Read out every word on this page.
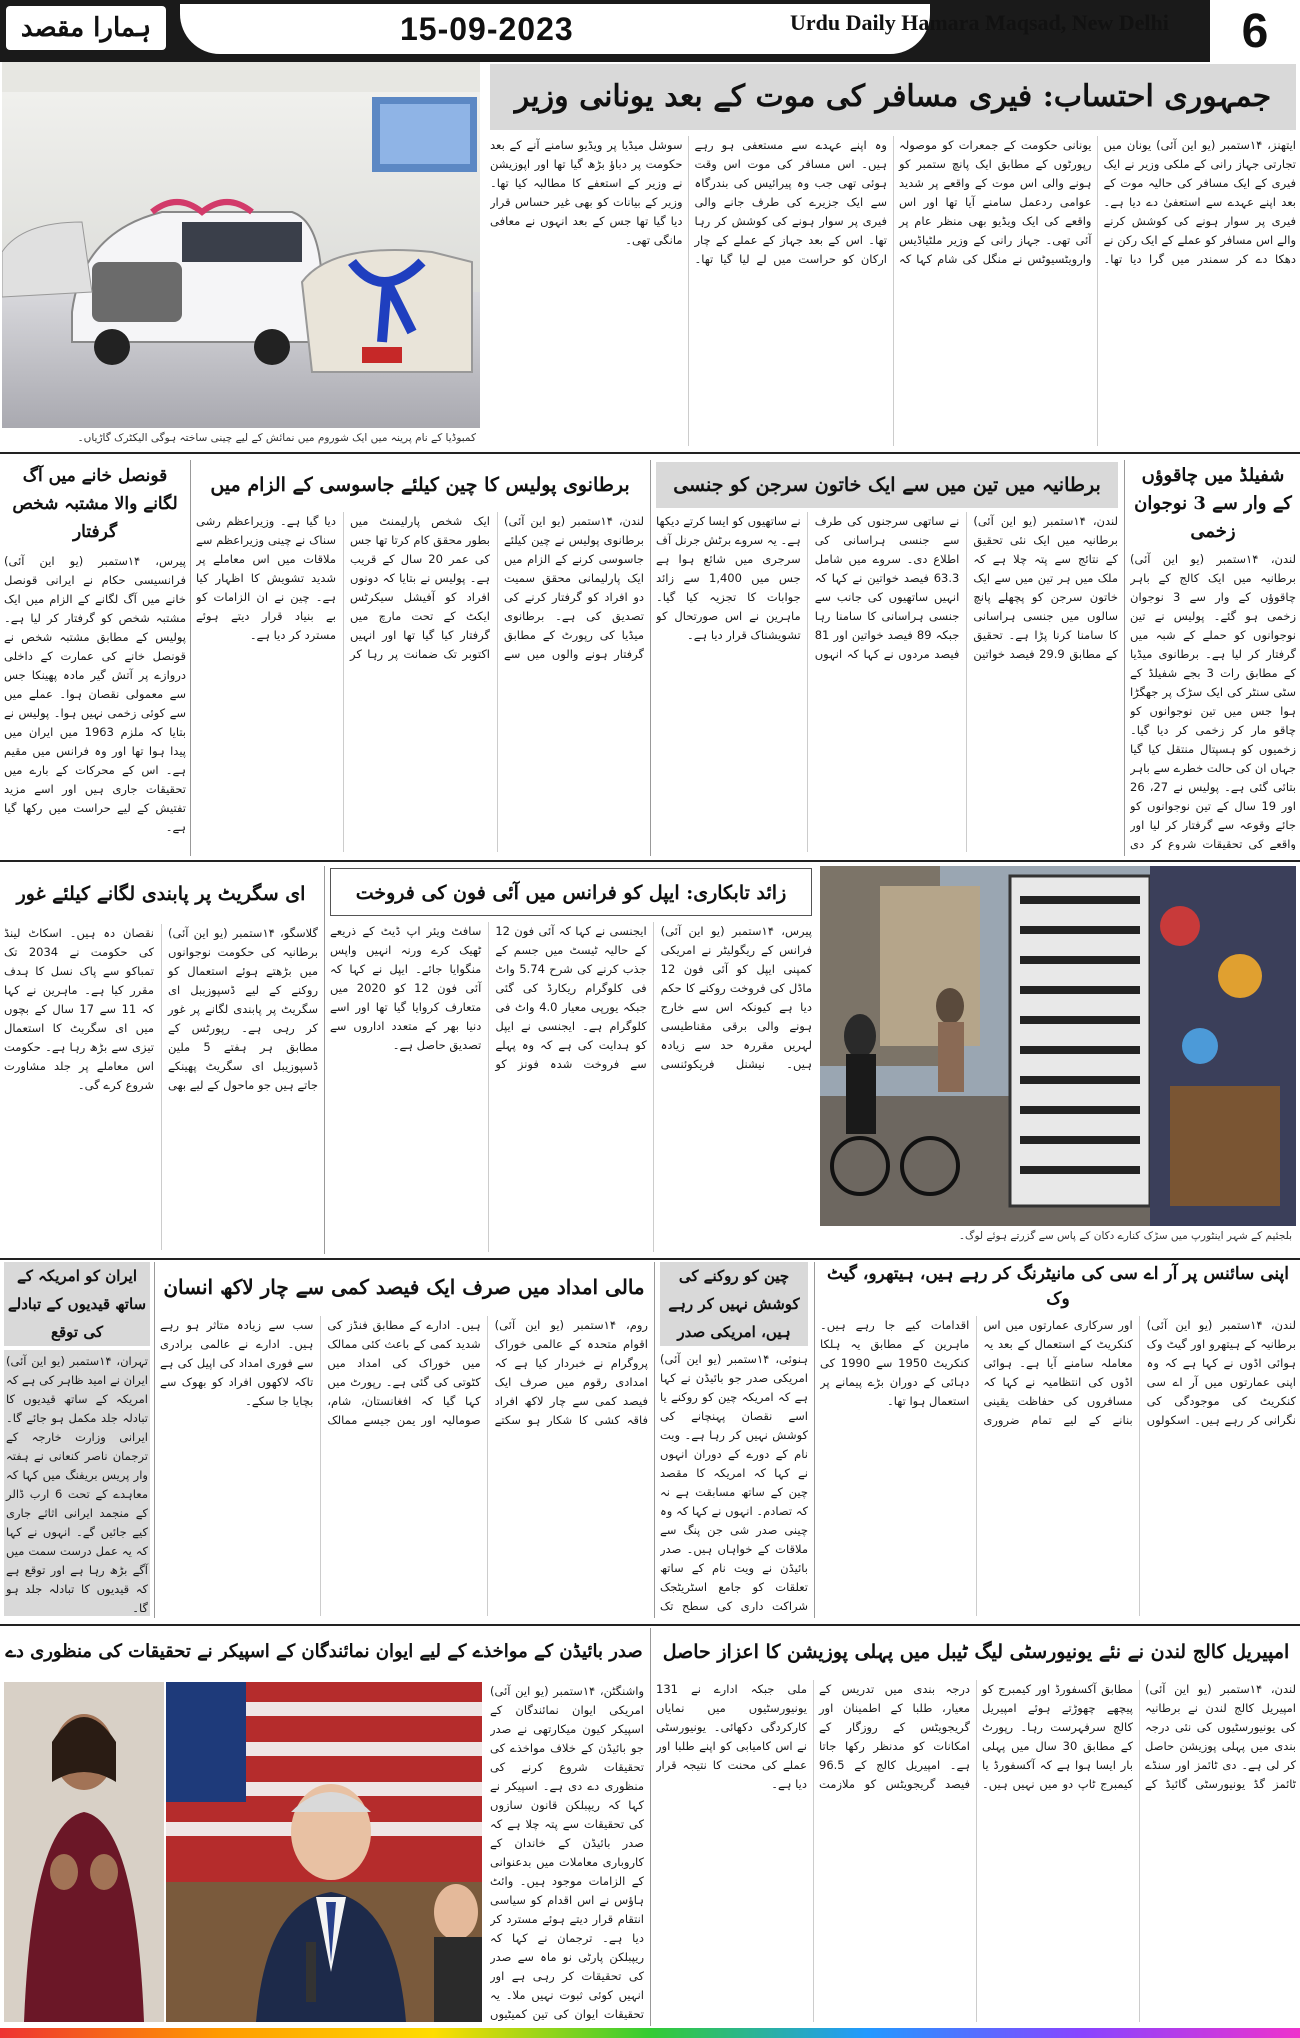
ہمارا مقصد	15-09-2023	Urdu Daily Hamara Maqsad, New Delhi	6
کمبوڈیا کے نام پرینہ میں ایک شوروم میں نمائش کے لیے چینی ساختہ ہوگی الیکٹرک گاڑیاں۔
جمہوری احتساب: فیری مسافر کی موت کے بعد یونانی وزیر
ایتھنز، ۱۴ستمبر (یو این آئی) یونان میں تجارتی جہاز رانی کے ملکی وزیر نے ایک فیری کے ایک مسافر کی حالیہ موت کے بعد اپنے عہدے سے استعفیٰ دے دیا ہے۔ فیری پر سوار ہونے کی کوشش کرنے والے اس مسافر کو عملے کے ایک رکن نے دھکا دے کر سمندر میں گرا دیا تھا۔ یونانی حکومت کے جمعرات کو موصولہ رپورٹوں کے مطابق ایک پانچ ستمبر کو ہونے والی اس موت کے واقعے پر شدید عوامی ردعمل سامنے آیا تھا اور اس واقعے کی ایک ویڈیو بھی منظر عام پر آئی تھی۔ جہاز رانی کے وزیر ملٹیاڈیس وارویٹسیوٹس نے منگل کی شام کہا کہ وہ اپنے عہدے سے مستعفی ہو رہے ہیں۔ اس مسافر کی موت اس وقت ہوئی تھی جب وہ پیرائیس کی بندرگاہ سے ایک جزیرے کی طرف جانے والی فیری پر سوار ہونے کی کوشش کر رہا تھا۔ اس کے بعد جہاز کے عملے کے چار ارکان کو حراست میں لے لیا گیا تھا۔ سوشل میڈیا پر ویڈیو سامنے آنے کے بعد حکومت پر دباؤ بڑھ گیا تھا اور اپوزیشن نے وزیر کے استعفے کا مطالبہ کیا تھا۔ وزیر کے بیانات کو بھی غیر حساس قرار دیا گیا تھا جس کے بعد انہوں نے معافی مانگی تھی۔
شفیلڈ میں چاقوؤں کے وار سے 3 نوجوان زخمی
لندن، ۱۴ستمبر (یو این آئی) برطانیہ میں ایک کالج کے باہر چاقوؤں کے وار سے 3 نوجوان زخمی ہو گئے۔ پولیس نے تین نوجوانوں کو حملے کے شبہ میں گرفتار کر لیا ہے۔ برطانوی میڈیا کے مطابق رات 3 بجے شفیلڈ کے سٹی سنٹر کی ایک سڑک پر جھگڑا ہوا جس میں تین نوجوانوں کو چاقو مار کر زخمی کر دیا گیا۔ زخمیوں کو ہسپتال منتقل کیا گیا جہاں ان کی حالت خطرے سے باہر بتائی گئی ہے۔ پولیس نے 27، 26 اور 19 سال کے تین نوجوانوں کو جائے وقوعہ سے گرفتار کر لیا اور واقعے کی تحقیقات شروع کر دی
برطانیہ میں تین میں سے ایک خاتون سرجن کو جنسی
لندن، ۱۴ستمبر (یو این آئی) برطانیہ میں ایک نئی تحقیق کے نتائج سے پتہ چلا ہے کہ ملک میں ہر تین میں سے ایک خاتون سرجن کو پچھلے پانچ سالوں میں جنسی ہراسانی کا سامنا کرنا پڑا ہے۔ تحقیق کے مطابق 29.9 فیصد خواتین نے ساتھی سرجنوں کی طرف سے جنسی ہراسانی کی اطلاع دی۔ سروے میں شامل 63.3 فیصد خواتین نے کہا کہ انہیں ساتھیوں کی جانب سے جنسی ہراسانی کا سامنا رہا جبکہ 89 فیصد خواتین اور 81 فیصد مردوں نے کہا کہ انہوں نے ساتھیوں کو ایسا کرتے دیکھا ہے۔ یہ سروے برٹش جرنل آف سرجری میں شائع ہوا ہے جس میں 1,400 سے زائد جوابات کا تجزیہ کیا گیا۔ ماہرین نے اس صورتحال کو تشویشناک قرار دیا ہے۔
برطانوی پولیس کا چین کیلئے جاسوسی کے الزام میں
لندن، ۱۴ستمبر (یو این آئی) برطانوی پولیس نے چین کیلئے جاسوسی کرنے کے الزام میں ایک پارلیمانی محقق سمیت دو افراد کو گرفتار کرنے کی تصدیق کی ہے۔ برطانوی میڈیا کی رپورٹ کے مطابق گرفتار ہونے والوں میں سے ایک شخص پارلیمنٹ میں بطور محقق کام کرتا تھا جس کی عمر 20 سال کے قریب ہے۔ پولیس نے بتایا کہ دونوں افراد کو آفیشل سیکرٹس ایکٹ کے تحت مارچ میں گرفتار کیا گیا تھا اور انہیں اکتوبر تک ضمانت پر رہا کر دیا گیا ہے۔ وزیراعظم رشی سناک نے چینی وزیراعظم سے ملاقات میں اس معاملے پر شدید تشویش کا اظہار کیا ہے۔ چین نے ان الزامات کو بے بنیاد قرار دیتے ہوئے مسترد کر دیا ہے۔
قونصل خانے میں آگ لگانے والا مشتبہ شخص گرفتار
پیرس، ۱۴ستمبر (یو این آئی) فرانسیسی حکام نے ایرانی قونصل خانے میں آگ لگانے کے الزام میں ایک مشتبہ شخص کو گرفتار کر لیا ہے۔ پولیس کے مطابق مشتبہ شخص نے قونصل خانے کی عمارت کے داخلی دروازے پر آتش گیر مادہ پھینکا جس سے معمولی نقصان ہوا۔ عملے میں سے کوئی زخمی نہیں ہوا۔ پولیس نے بتایا کہ ملزم 1963 میں ایران میں پیدا ہوا تھا اور وہ فرانس میں مقیم ہے۔ اس کے محرکات کے بارے میں تحقیقات جاری ہیں اور اسے مزید تفتیش کے لیے حراست میں رکھا گیا ہے۔
بلجئیم کے شہر اینٹورپ میں سڑک کنارے دکان کے پاس سے گزرتے ہوئے لوگ۔
زائد تابکاری: ایپل کو فرانس میں آئی فون کی فروخت
پیرس، ۱۴ستمبر (یو این آئی) فرانس کے ریگولیٹر نے امریکی کمپنی ایپل کو آئی فون 12 ماڈل کی فروخت روکنے کا حکم دیا ہے کیونکہ اس سے خارج ہونے والی برقی مقناطیسی لہریں مقررہ حد سے زیادہ ہیں۔ نیشنل فریکوئنسی ایجنسی نے کہا کہ آئی فون 12 کے حالیہ ٹیسٹ میں جسم کے جذب کرنے کی شرح 5.74 واٹ فی کلوگرام ریکارڈ کی گئی جبکہ یورپی معیار 4.0 واٹ فی کلوگرام ہے۔ ایجنسی نے ایپل کو ہدایت کی ہے کہ وہ پہلے سے فروخت شدہ فونز کو سافٹ ویئر اپ ڈیٹ کے ذریعے ٹھیک کرے ورنہ انہیں واپس منگوایا جائے۔ ایپل نے کہا کہ آئی فون 12 کو 2020 میں متعارف کروایا گیا تھا اور اسے دنیا بھر کے متعدد اداروں سے تصدیق حاصل ہے۔
ای سگریٹ پر پابندی لگانے کیلئے غور
گلاسگو، ۱۴ستمبر (یو این آئی) برطانیہ کی حکومت نوجوانوں میں بڑھتے ہوئے استعمال کو روکنے کے لیے ڈسپوزیبل ای سگریٹ پر پابندی لگانے پر غور کر رہی ہے۔ رپورٹس کے مطابق ہر ہفتے 5 ملین ڈسپوزیبل ای سگریٹ پھینکے جاتے ہیں جو ماحول کے لیے بھی نقصان دہ ہیں۔ اسکاٹ لینڈ کی حکومت نے 2034 تک تمباکو سے پاک نسل کا ہدف مقرر کیا ہے۔ ماہرین نے کہا کہ 11 سے 17 سال کے بچوں میں ای سگریٹ کا استعمال تیزی سے بڑھ رہا ہے۔ حکومت اس معاملے پر جلد مشاورت شروع کرے گی۔
اپنی سائنس پر آر اے سی کی مانیٹرنگ کر رہے ہیں، ہیتھرو، گیٹ وک
لندن، ۱۴ستمبر (یو این آئی) برطانیہ کے ہیتھرو اور گیٹ وک ہوائی اڈوں نے کہا ہے کہ وہ اپنی عمارتوں میں آر اے سی کنکریٹ کی موجودگی کی نگرانی کر رہے ہیں۔ اسکولوں اور سرکاری عمارتوں میں اس کنکریٹ کے استعمال کے بعد یہ معاملہ سامنے آیا ہے۔ ہوائی اڈوں کی انتظامیہ نے کہا کہ مسافروں کی حفاظت یقینی بنانے کے لیے تمام ضروری اقدامات کیے جا رہے ہیں۔ ماہرین کے مطابق یہ ہلکا کنکریٹ 1950 سے 1990 کی دہائی کے دوران بڑے پیمانے پر استعمال ہوا تھا۔
چین کو روکنے کی کوشش نہیں کر رہے ہیں، امریکی صدر
ہنوئی، ۱۴ستمبر (یو این آئی) امریکی صدر جو بائیڈن نے کہا ہے کہ امریکہ چین کو روکنے یا اسے نقصان پہنچانے کی کوشش نہیں کر رہا ہے۔ ویت نام کے دورے کے دوران انہوں نے کہا کہ امریکہ کا مقصد چین کے ساتھ مسابقت ہے نہ کہ تصادم۔ انہوں نے کہا کہ وہ چینی صدر شی جن پنگ سے ملاقات کے خواہاں ہیں۔ صدر بائیڈن نے ویت نام کے ساتھ تعلقات کو جامع اسٹریٹجک شراکت داری کی سطح تک
مالی امداد میں صرف ایک فیصد کمی سے چار لاکھ انسان
روم، ۱۴ستمبر (یو این آئی) اقوام متحدہ کے عالمی خوراک پروگرام نے خبردار کیا ہے کہ امدادی رقوم میں صرف ایک فیصد کمی سے چار لاکھ افراد فاقہ کشی کا شکار ہو سکتے ہیں۔ ادارے کے مطابق فنڈز کی شدید کمی کے باعث کئی ممالک میں خوراک کی امداد میں کٹوتی کی گئی ہے۔ رپورٹ میں کہا گیا کہ افغانستان، شام، صومالیہ اور یمن جیسے ممالک سب سے زیادہ متاثر ہو رہے ہیں۔ ادارے نے عالمی برادری سے فوری امداد کی اپیل کی ہے تاکہ لاکھوں افراد کو بھوک سے بچایا جا سکے۔
ایران کو امریکہ کے ساتھ قیدیوں کے تبادلے کی توقع
تہران، ۱۴ستمبر (یو این آئی) ایران نے امید ظاہر کی ہے کہ امریکہ کے ساتھ قیدیوں کا تبادلہ جلد مکمل ہو جائے گا۔ ایرانی وزارت خارجہ کے ترجمان ناصر کنعانی نے ہفتہ وار پریس بریفنگ میں کہا کہ معاہدے کے تحت 6 ارب ڈالر کے منجمد ایرانی اثاثے جاری کیے جائیں گے۔ انہوں نے کہا کہ یہ عمل درست سمت میں آگے بڑھ رہا ہے اور توقع ہے کہ قیدیوں کا تبادلہ جلد ہو گا۔
امپیریل کالج لندن نے نئے یونیورسٹی لیگ ٹیبل میں پہلی پوزیشن کا اعزاز حاصل
لندن، ۱۴ستمبر (یو این آئی) امپیریل کالج لندن نے برطانیہ کی یونیورسٹیوں کی نئی درجہ بندی میں پہلی پوزیشن حاصل کر لی ہے۔ دی ٹائمز اور سنڈے ٹائمز گڈ یونیورسٹی گائیڈ کے مطابق آکسفورڈ اور کیمبرج کو پیچھے چھوڑتے ہوئے امپیریل کالج سرفہرست رہا۔ رپورٹ کے مطابق 30 سال میں پہلی بار ایسا ہوا ہے کہ آکسفورڈ یا کیمبرج ٹاپ دو میں نہیں ہیں۔ درجہ بندی میں تدریس کے معیار، طلبا کے اطمینان اور گریجویٹس کے روزگار کے امکانات کو مدنظر رکھا جاتا ہے۔ امپیریل کالج کے 96.5 فیصد گریجویٹس کو ملازمت ملی جبکہ ادارے نے 131 یونیورسٹیوں میں نمایاں کارکردگی دکھائی۔ یونیورسٹی نے اس کامیابی کو اپنے طلبا اور عملے کی محنت کا نتیجہ قرار دیا ہے۔
صدر بائیڈن کے مواخذے کے لیے ایوان نمائندگان کے اسپیکر نے تحقیقات کی منظوری دے
واشنگٹن، ۱۴ستمبر (یو این آئی) امریکی ایوان نمائندگان کے اسپیکر کیون میکارتھی نے صدر جو بائیڈن کے خلاف مواخذے کی تحقیقات شروع کرنے کی منظوری دے دی ہے۔ اسپیکر نے کہا کہ ریپبلکن قانون سازوں کی تحقیقات سے پتہ چلا ہے کہ صدر بائیڈن کے خاندان کے کاروباری معاملات میں بدعنوانی کے الزامات موجود ہیں۔ وائٹ ہاؤس نے اس اقدام کو سیاسی انتقام قرار دیتے ہوئے مسترد کر دیا ہے۔ ترجمان نے کہا کہ ریپبلکن پارٹی نو ماہ سے صدر کی تحقیقات کر رہی ہے اور انہیں کوئی ثبوت نہیں ملا۔ یہ تحقیقات ایوان کی تین کمیٹیوں
